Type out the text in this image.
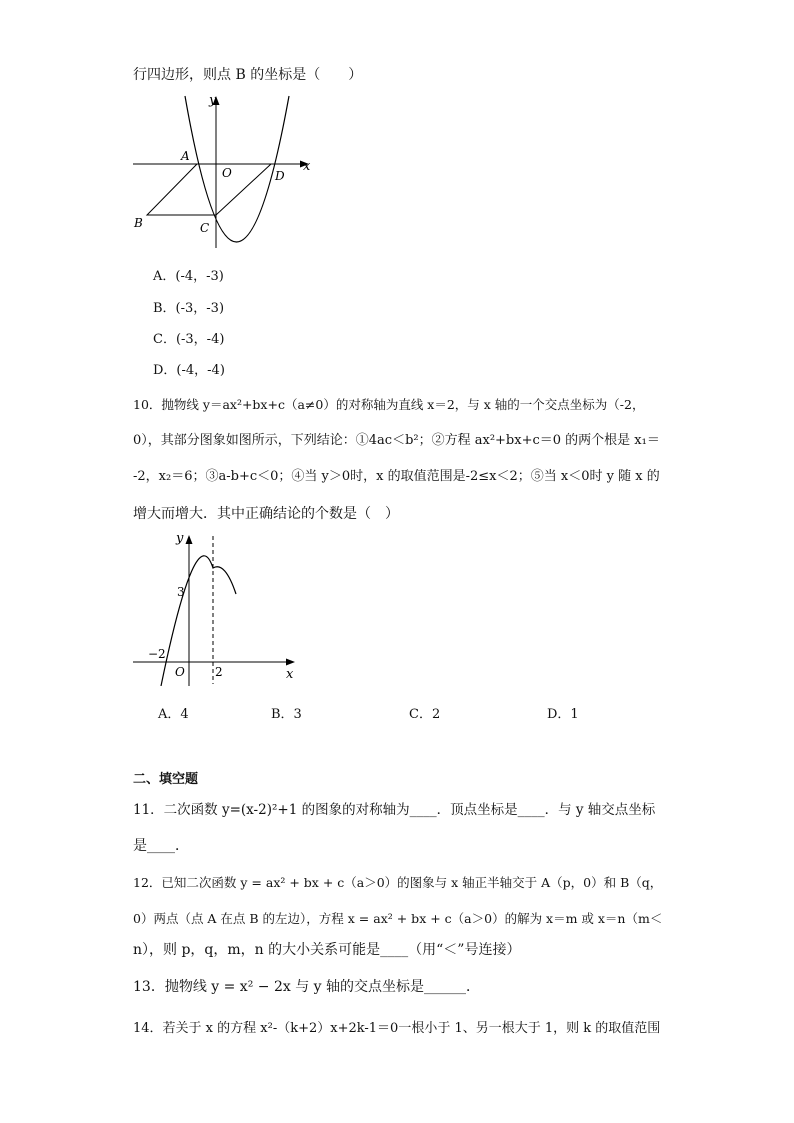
行四边形，则点 B 的坐标是（　　）
y
x
A
O	D
B	C
A．(-4，-3)
B．(-3，-3)
C．(-3，-4)
D．(-4，-4)
10．抛物线 y＝ax²+bx+c（a≠0）的对称轴为直线 x＝2，与 x 轴的一个交点坐标为（-2，
0），其部分图象如图所示，下列结论：①4ac＜b²；②方程 ax²+bx+c＝0 的两个根是 x₁＝
-2，x₂＝6；③a-b+c＜0；④当 y＞0时，x 的取值范围是-2≤x＜2；⑤当 x＜0时 y 随 x 的
增大而增大．其中正确结论的个数是（　）
y
3
−2
O	2	x
A．4	B．3	C．2	D．1
二、填空题
11．二次函数 y=(x-2)²+1 的图象的对称轴为____．顶点坐标是____．与 y 轴交点坐标
是____．
12．已知二次函数 y = ax² + bx + c（a＞0）的图象与 x 轴正半轴交于 A（p，0）和 B（q，
0）两点（点 A 在点 B 的左边），方程 x = ax² + bx + c（a＞0）的解为 x＝m 或 x＝n（m＜
n），则 p，q，m，n 的大小关系可能是____（用“＜”号连接）
13．抛物线 y = x² − 2x 与 y 轴的交点坐标是______．
14．若关于 x 的方程 x²-（k+2）x+2k-1＝0一根小于 1、另一根大于 1，则 k 的取值范围
